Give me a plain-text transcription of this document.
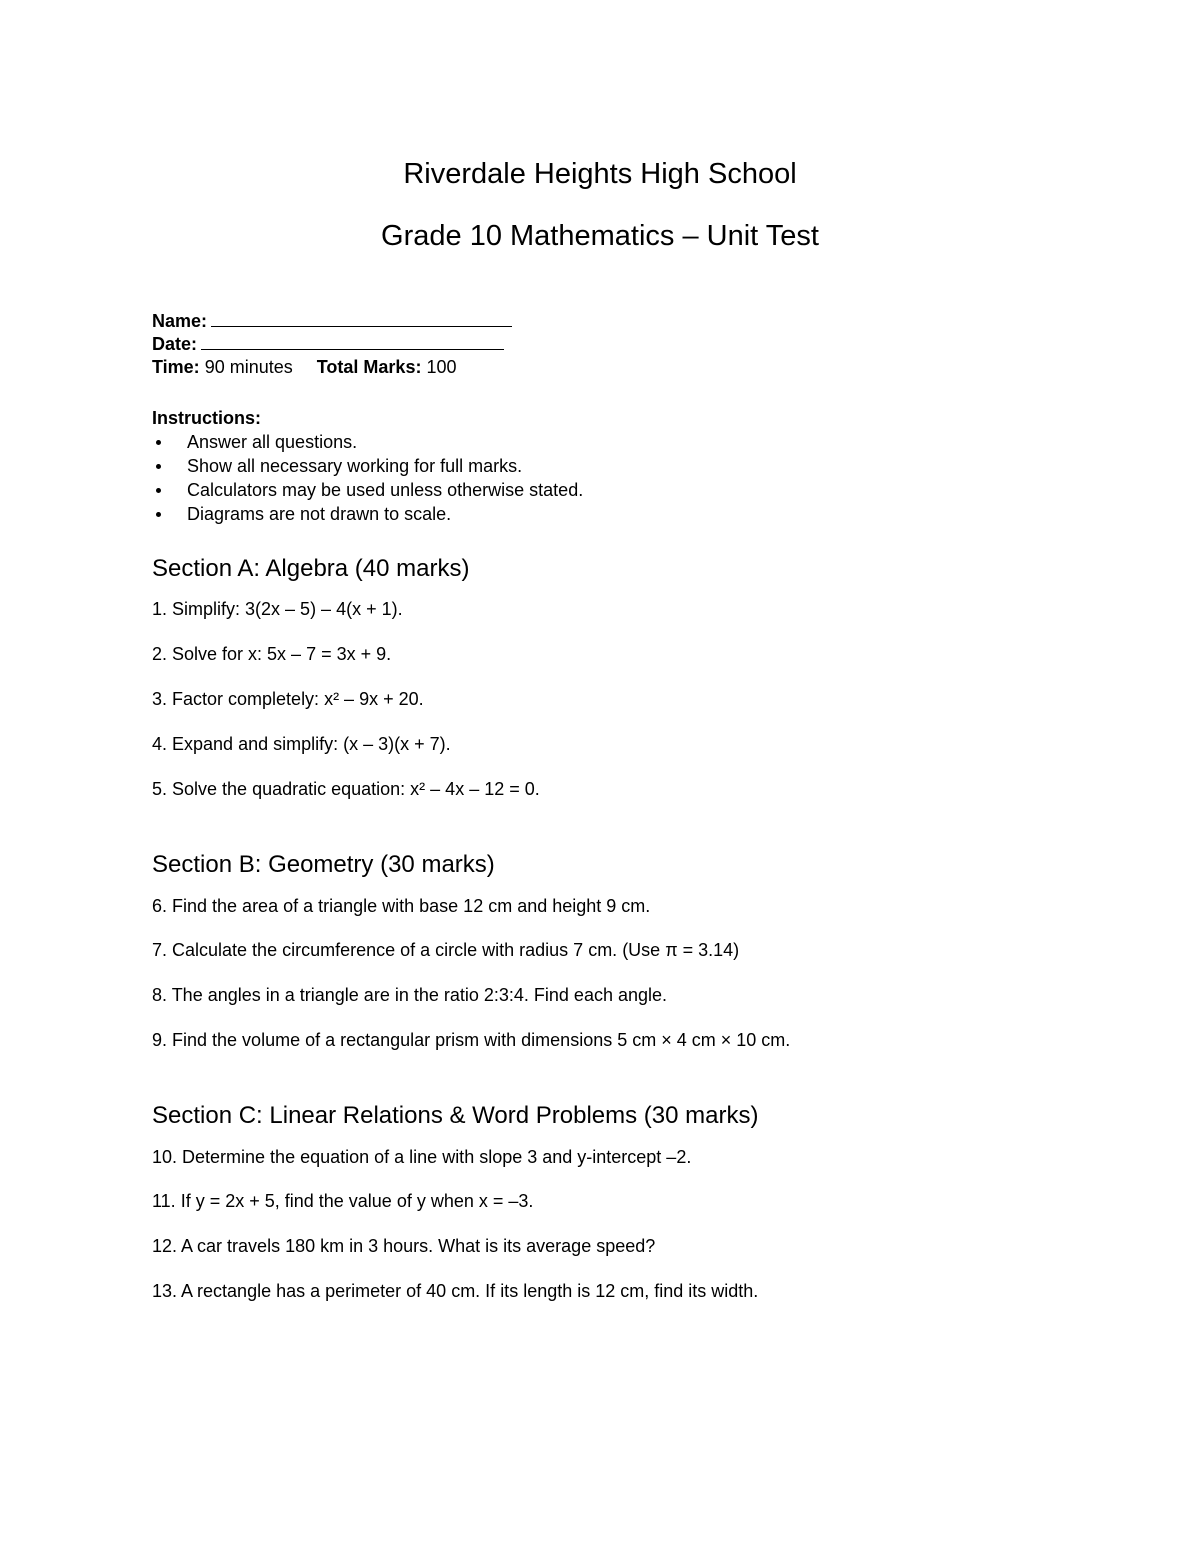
Riverdale Heights High School
Grade 10 Mathematics – Unit Test
Name:
Date:
Time: 90 minutes Total Marks: 100
Instructions:
Answer all questions.
Show all necessary working for full marks.
Calculators may be used unless otherwise stated.
Diagrams are not drawn to scale.
Section A: Algebra (40 marks)
1. Simplify: 3(2x – 5) – 4(x + 1).
2. Solve for x: 5x – 7 = 3x + 9.
3. Factor completely: x² – 9x + 20.
4. Expand and simplify: (x – 3)(x + 7).
5. Solve the quadratic equation: x² – 4x – 12 = 0.
Section B: Geometry (30 marks)
6. Find the area of a triangle with base 12 cm and height 9 cm.
7. Calculate the circumference of a circle with radius 7 cm. (Use π = 3.14)
8. The angles in a triangle are in the ratio 2:3:4. Find each angle.
9. Find the volume of a rectangular prism with dimensions 5 cm × 4 cm × 10 cm.
Section C: Linear Relations & Word Problems (30 marks)
10. Determine the equation of a line with slope 3 and y-intercept –2.
11. If y = 2x + 5, find the value of y when x = –3.
12. A car travels 180 km in 3 hours. What is its average speed?
13. A rectangle has a perimeter of 40 cm. If its length is 12 cm, find its width.
